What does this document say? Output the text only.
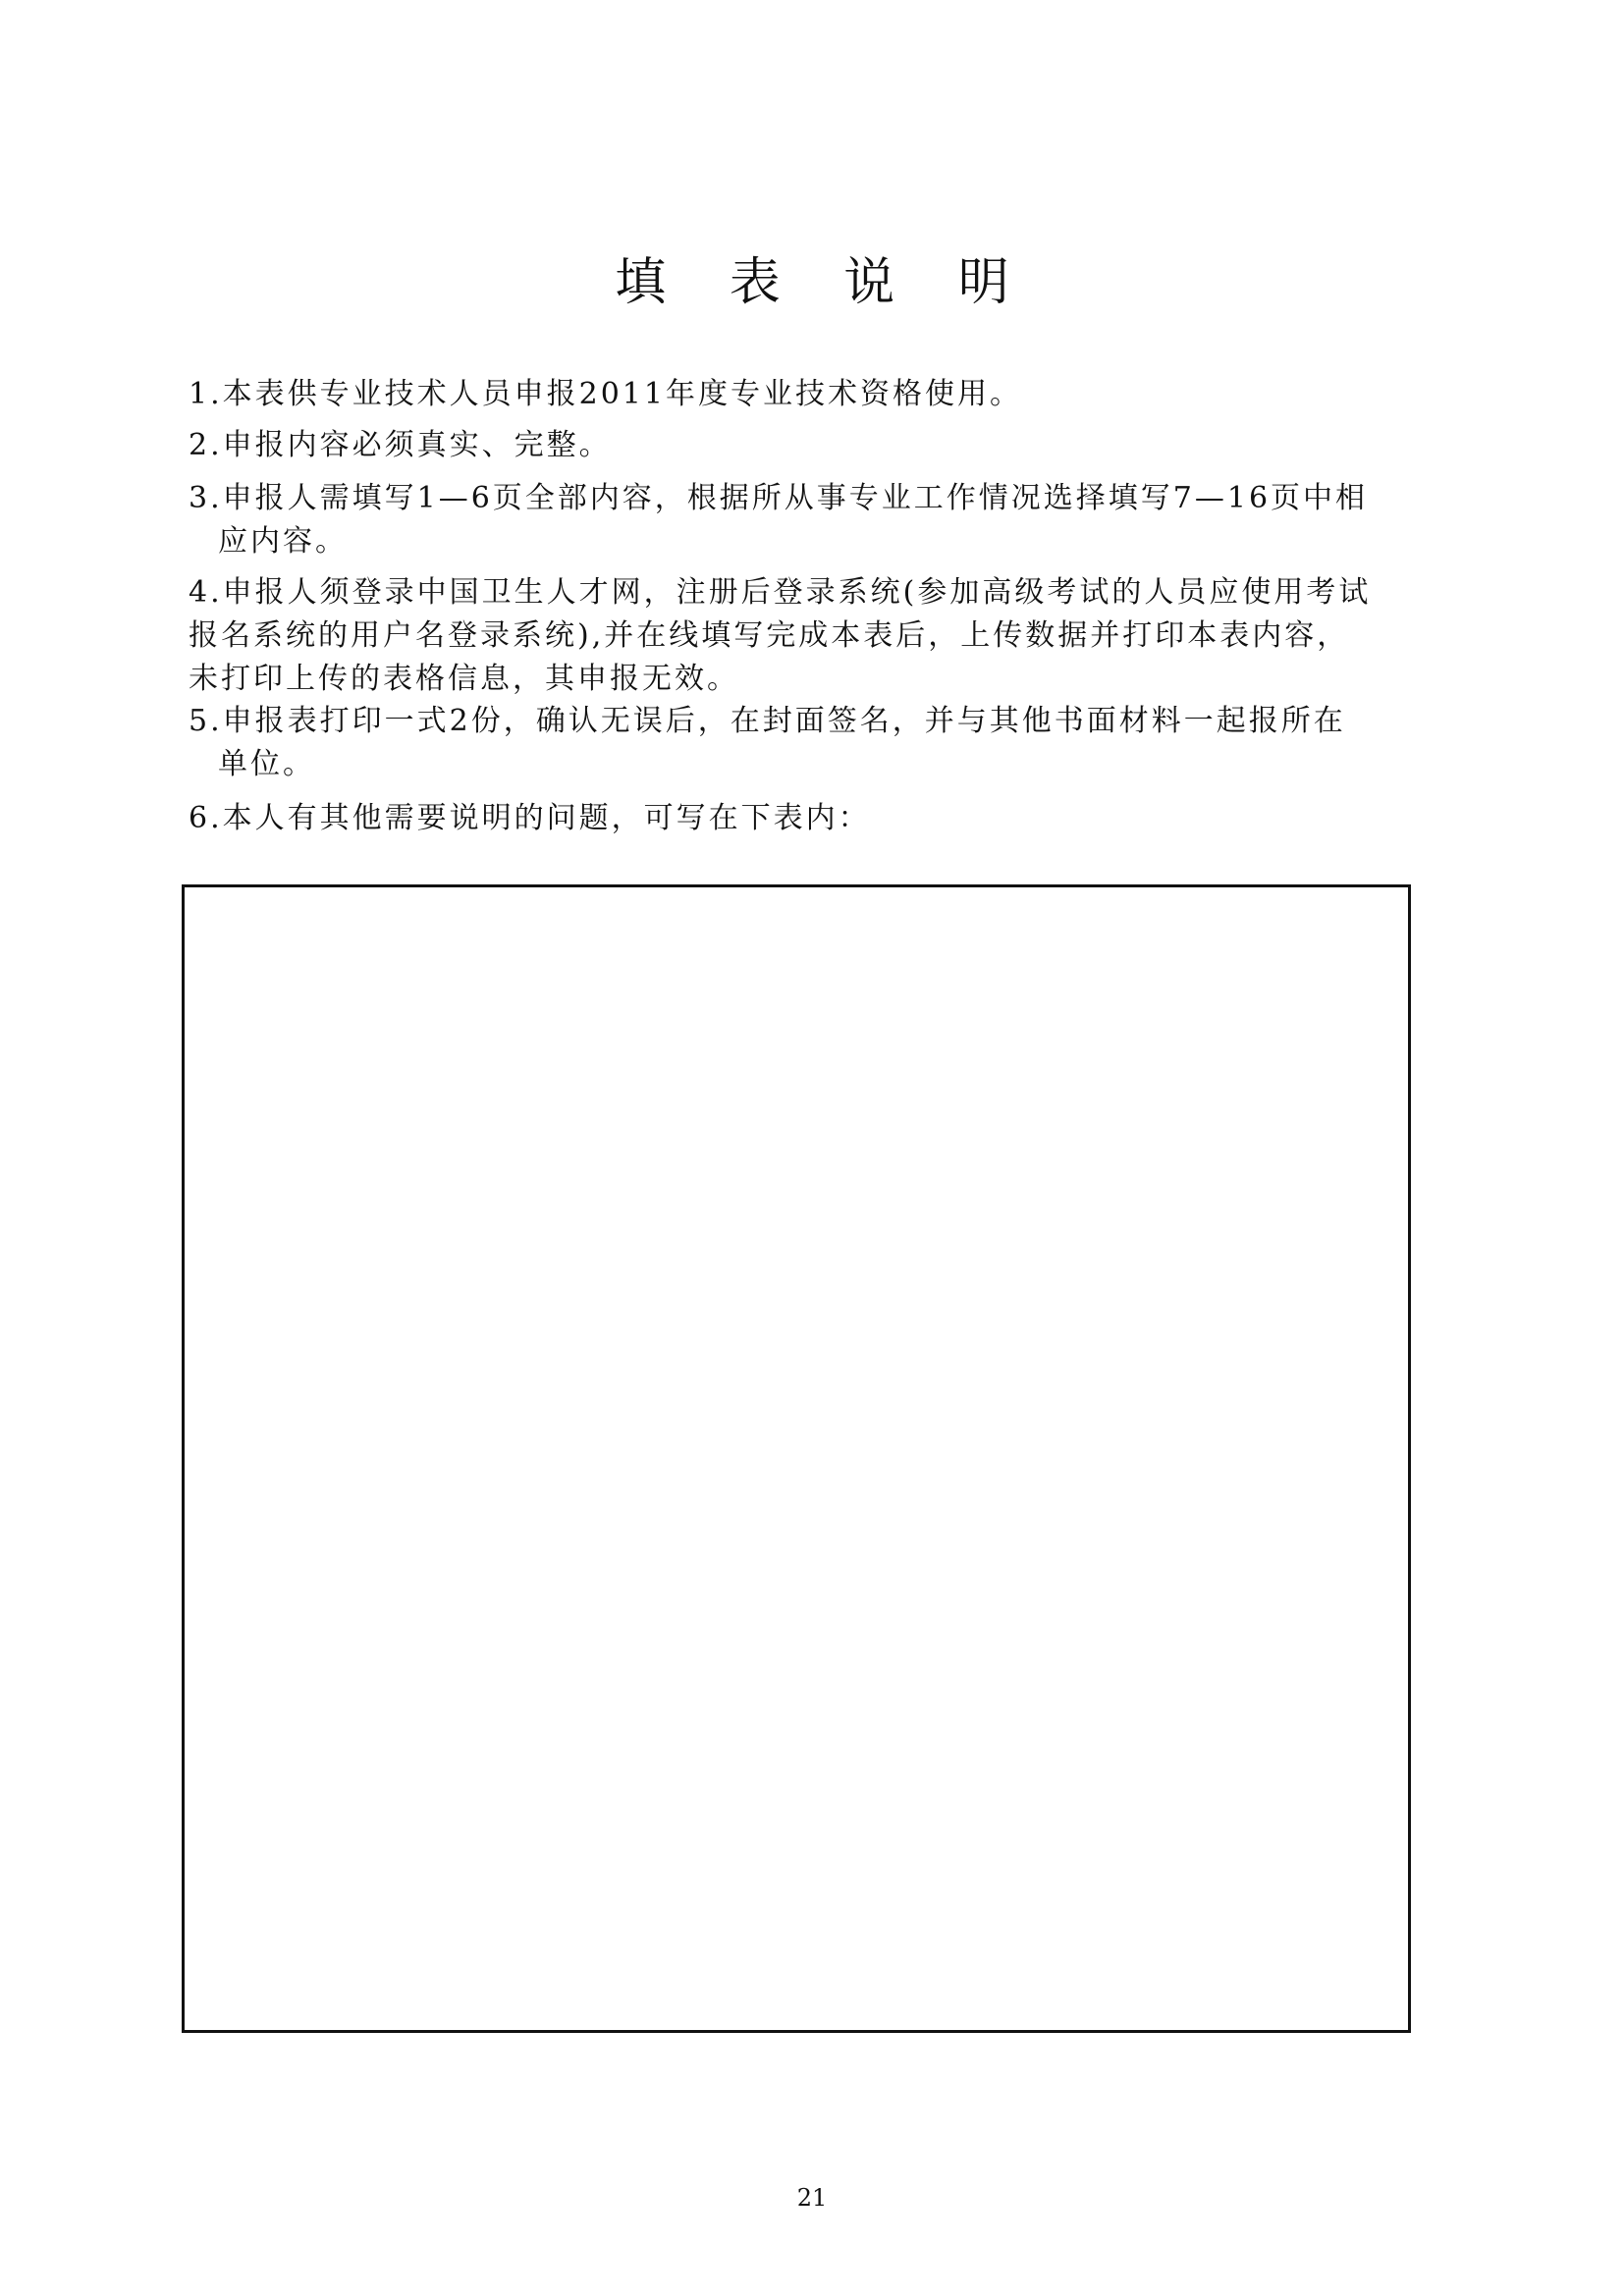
填 表 说 明

1.本表供专业技术人员申报2011年度专业技术资格使用。

2.申报内容必须真实、完整。

3.申报人需填写1—6页全部内容，根据所从事专业工作情况选择填写7—16页中相
应内容。

4.申报人须登录中国卫生人才网，注册后登录系统(参加高级考试的人员应使用考试
报名系统的用户名登录系统),并在线填写完成本表后，上传数据并打印本表内容，
未打印上传的表格信息，其申报无效。

5.申报表打印一式2份，确认无误后，在封面签名，并与其他书面材料一起报所在
单位。

6.本人有其他需要说明的问题，可写在下表内：

21
